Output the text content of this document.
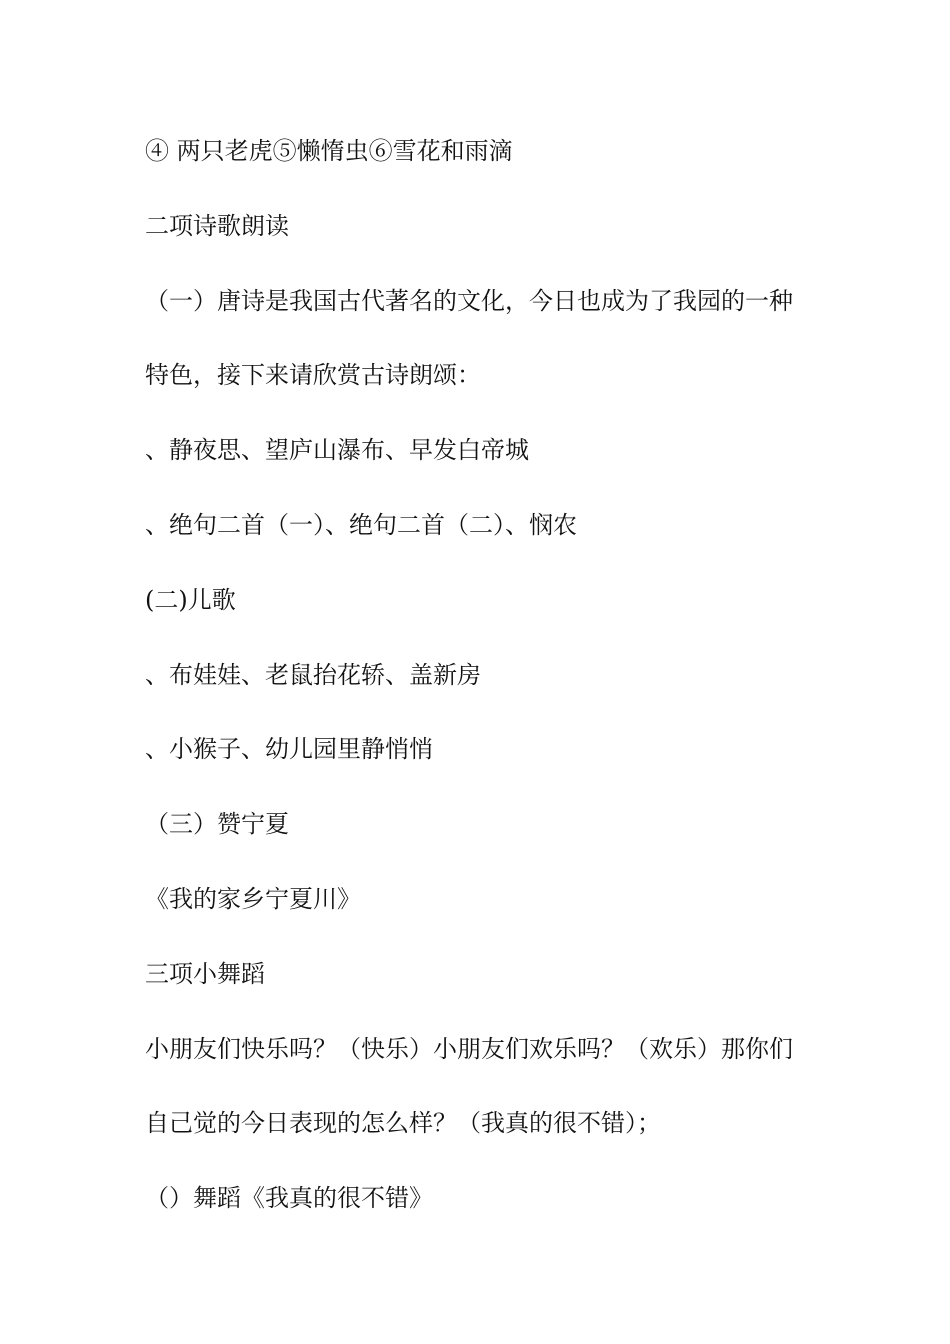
④ 两只老虎⑤懒惰虫⑥雪花和雨滴
二项诗歌朗读
（一）唐诗是我国古代著名的文化，今日也成为了我园的一种
特色，接下来请欣赏古诗朗颂：
、静夜思、望庐山瀑布、早发白帝城
、绝句二首（一）、绝句二首（二）、悯农
(二)儿歌
、布娃娃、老鼠抬花轿、盖新房
、小猴子、幼儿园里静悄悄
（三）赞宁夏
《我的家乡宁夏川》
三项小舞蹈
小朋友们快乐吗？（快乐）小朋友们欢乐吗？（欢乐）那你们
自己觉的今日表现的怎么样？（我真的很不错）；
（）舞蹈《我真的很不错》
